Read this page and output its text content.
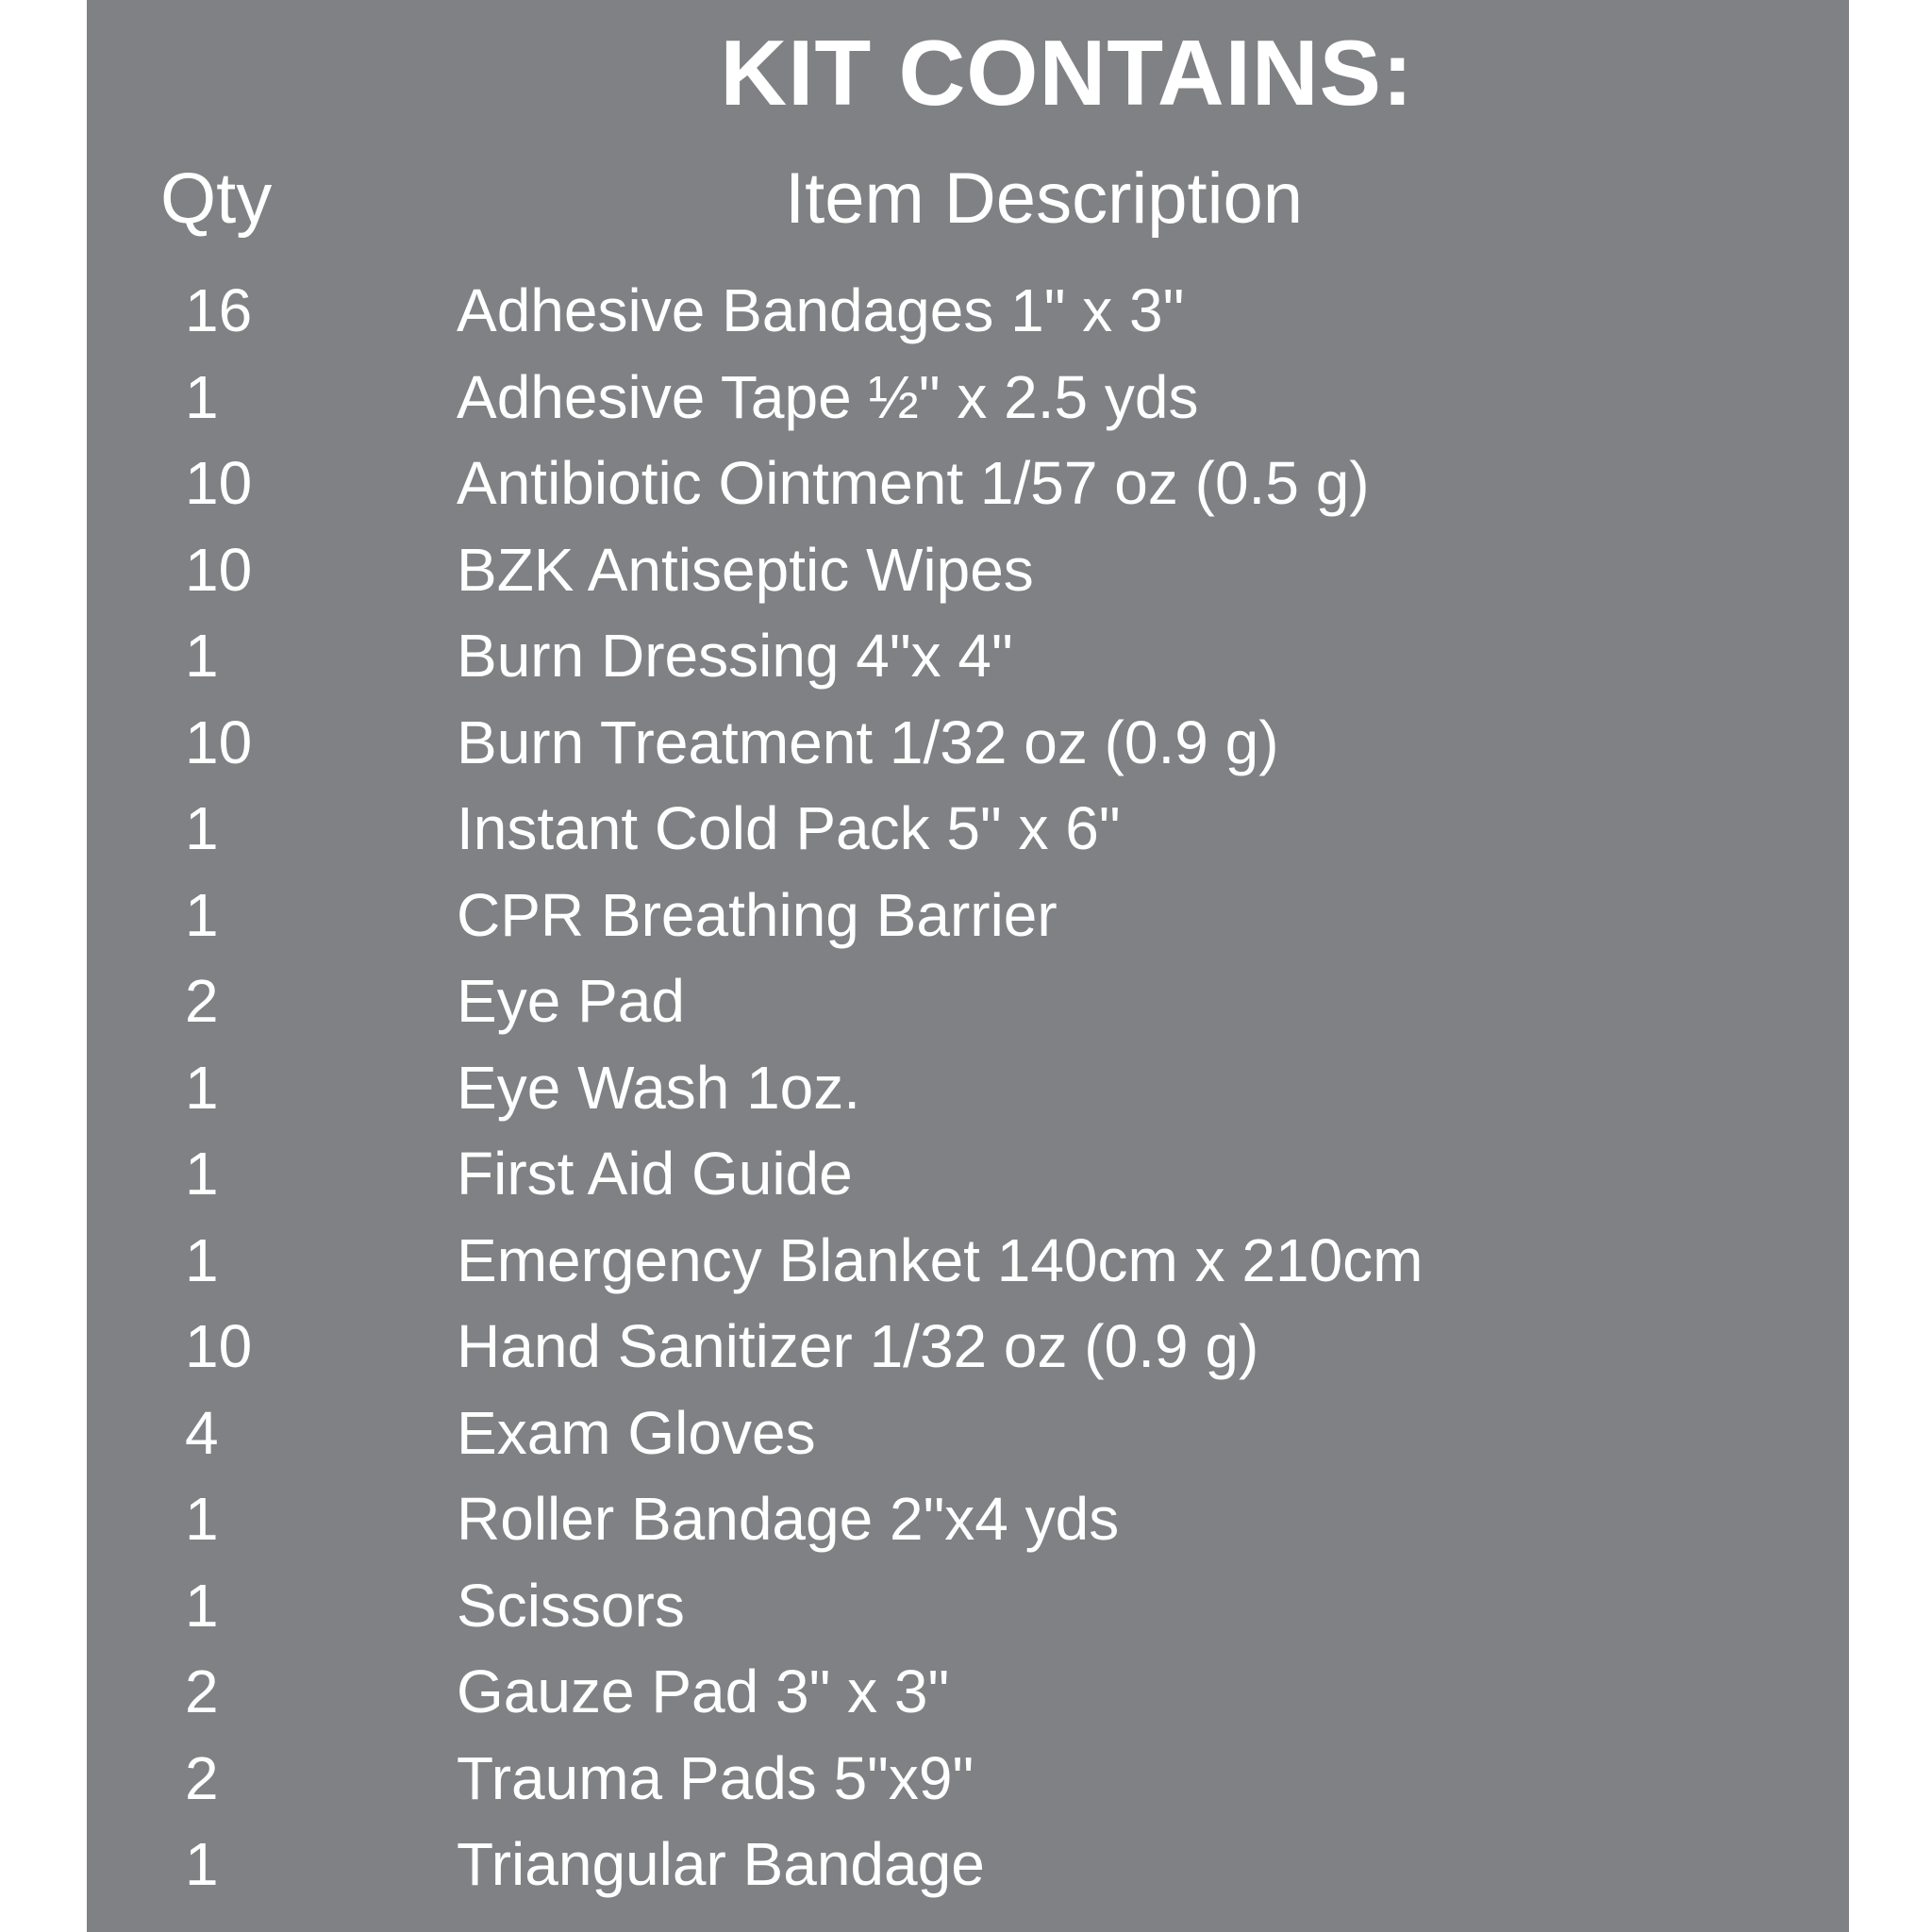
KIT CONTAINS:
Qty	Item Description
16	Adhesive Bandages 1" x 3"
1	Adhesive Tape ½" x 2.5 yds
10	Antibiotic Ointment 1/57 oz (0.5 g)
10	BZK Antiseptic Wipes
1	Burn Dressing 4"x 4"
10	Burn Treatment 1/32 oz (0.9 g)
1	Instant Cold Pack 5" x 6"
1	CPR Breathing Barrier
2	Eye Pad
1	Eye Wash 1oz.
1	First Aid Guide
1	Emergency Blanket 140cm x 210cm
10	Hand Sanitizer 1/32 oz (0.9 g)
4	Exam Gloves
1	Roller Bandage 2"x4 yds
1	Scissors
2	Gauze Pad 3" x 3"
2	Trauma Pads 5"x9"
1	Triangular Bandage
